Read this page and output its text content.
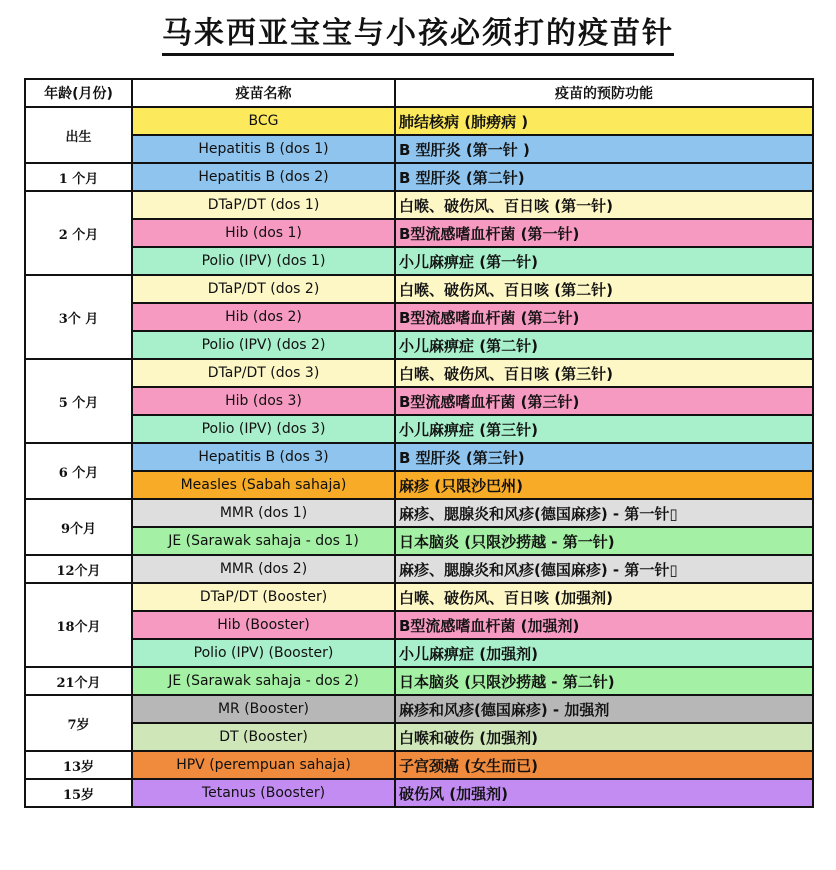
马来西亚宝宝与小孩必须打的疫苗针
年龄(月份)	疫苗名称	疫苗的预防功能
出生	BCG	肺结核病 (肺痨病 )
	Hepatitis B (dos 1)	B 型肝炎 (第一针 )
1 个月	Hepatitis B (dos 2)	B 型肝炎 (第二针)
2 个月	DTaP/DT (dos 1)	白喉、破伤风、百日咳 (第一针)
	Hib (dos 1)	B型流感嗜血杆菌 (第一针)
	Polio (IPV) (dos 1)	小儿麻痹症 (第一针)
3个 月	DTaP/DT (dos 2)	白喉、破伤风、百日咳 (第二针)
	Hib (dos 2)	B型流感嗜血杆菌 (第二针)
	Polio (IPV) (dos 2)	小儿麻痹症 (第二针)
5 个月	DTaP/DT (dos 3)	白喉、破伤风、百日咳 (第三针)
	Hib (dos 3)	B型流感嗜血杆菌 (第三针)
	Polio (IPV) (dos 3)	小儿麻痹症 (第三针)
6 个月	Hepatitis B (dos 3)	B 型肝炎 (第三针)
	Measles (Sabah sahaja)	麻疹 (只限沙巴州)
9个月	MMR (dos 1)	麻疹、腮腺炎和风疹(德国麻疹) - 第一针▯
	JE (Sarawak sahaja - dos 1)	日本脑炎 (只限沙捞越 - 第一针)
12个月	MMR (dos 2)	麻疹、腮腺炎和风疹(德国麻疹) - 第一针▯
18个月	DTaP/DT (Booster)	白喉、破伤风、百日咳 (加强剂)
	Hib (Booster)	B型流感嗜血杆菌 (加强剂)
	Polio (IPV) (Booster)	小儿麻痹症 (加强剂)
21个月	JE (Sarawak sahaja - dos 2)	日本脑炎 (只限沙捞越 - 第二针)
7岁	MR (Booster)	麻疹和风疹(德国麻疹) - 加强剂
	DT (Booster)	白喉和破伤 (加强剂)
13岁	HPV (perempuan sahaja)	子宫颈癌 (女生而已)
15岁	Tetanus (Booster)	破伤风 (加强剂)
